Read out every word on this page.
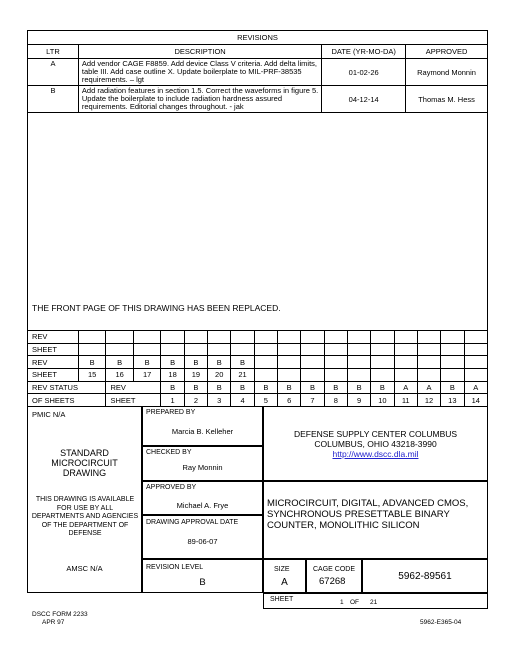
REVISIONS			
LTR	DESCRIPTION	DATE (YR-MO-DA)	APPROVED
A	Add vendor CAGE F8859. Add device Class V criteria. Add delta limits, table III. Add case outline X. Update boilerplate to MIL-PRF-38535 requirements. – lgt	01-02-26	Raymond Monnin
B	Add radiation features in section 1.5. Correct the waveforms in figure 5. Update the boilerplate to include radiation hardness assured requirements. Editorial changes throughout. - jak	04-12-14	Thomas M. Hess
THE FRONT PAGE OF THIS DRAWING HAS BEEN REPLACED.
REV																	
SHEET																	
REV	B	B	B	B	B	B	B										
SHEET	15	16	17	18	19	20	21										
REV STATUS		REV		B	B	B	B	B	B	B	B	B	B	A	A	B	A
OF SHEETS		SHEET		1	2	3	4	5	6	7	8	9	10	11	12	13	14
PMIC N/A
STANDARD MICROCIRCUIT DRAWING
THIS DRAWING IS AVAILABLE FOR USE BY ALL DEPARTMENTS AND AGENCIES OF THE DEPARTMENT OF DEFENSE
AMSC N/A
PREPARED BY
Marcia B. Kelleher
CHECKED BY
Ray Monnin
APPROVED BY
Michael A. Frye
DRAWING APPROVAL DATE
89-06-07
REVISION LEVEL
B
DEFENSE SUPPLY CENTER COLUMBUS
COLUMBUS, OHIO 43218-3990
http://www.dscc.dla.mil
MICROCIRCUIT, DIGITAL, ADVANCED CMOS, SYNCHRONOUS PRESETTABLE BINARY COUNTER, MONOLITHIC SILICON
SIZE
A
CAGE CODE
67268	5962-89561
SHEET	1 OF 21
DSCC FORM 2233
APR 97	5962-E365-04
